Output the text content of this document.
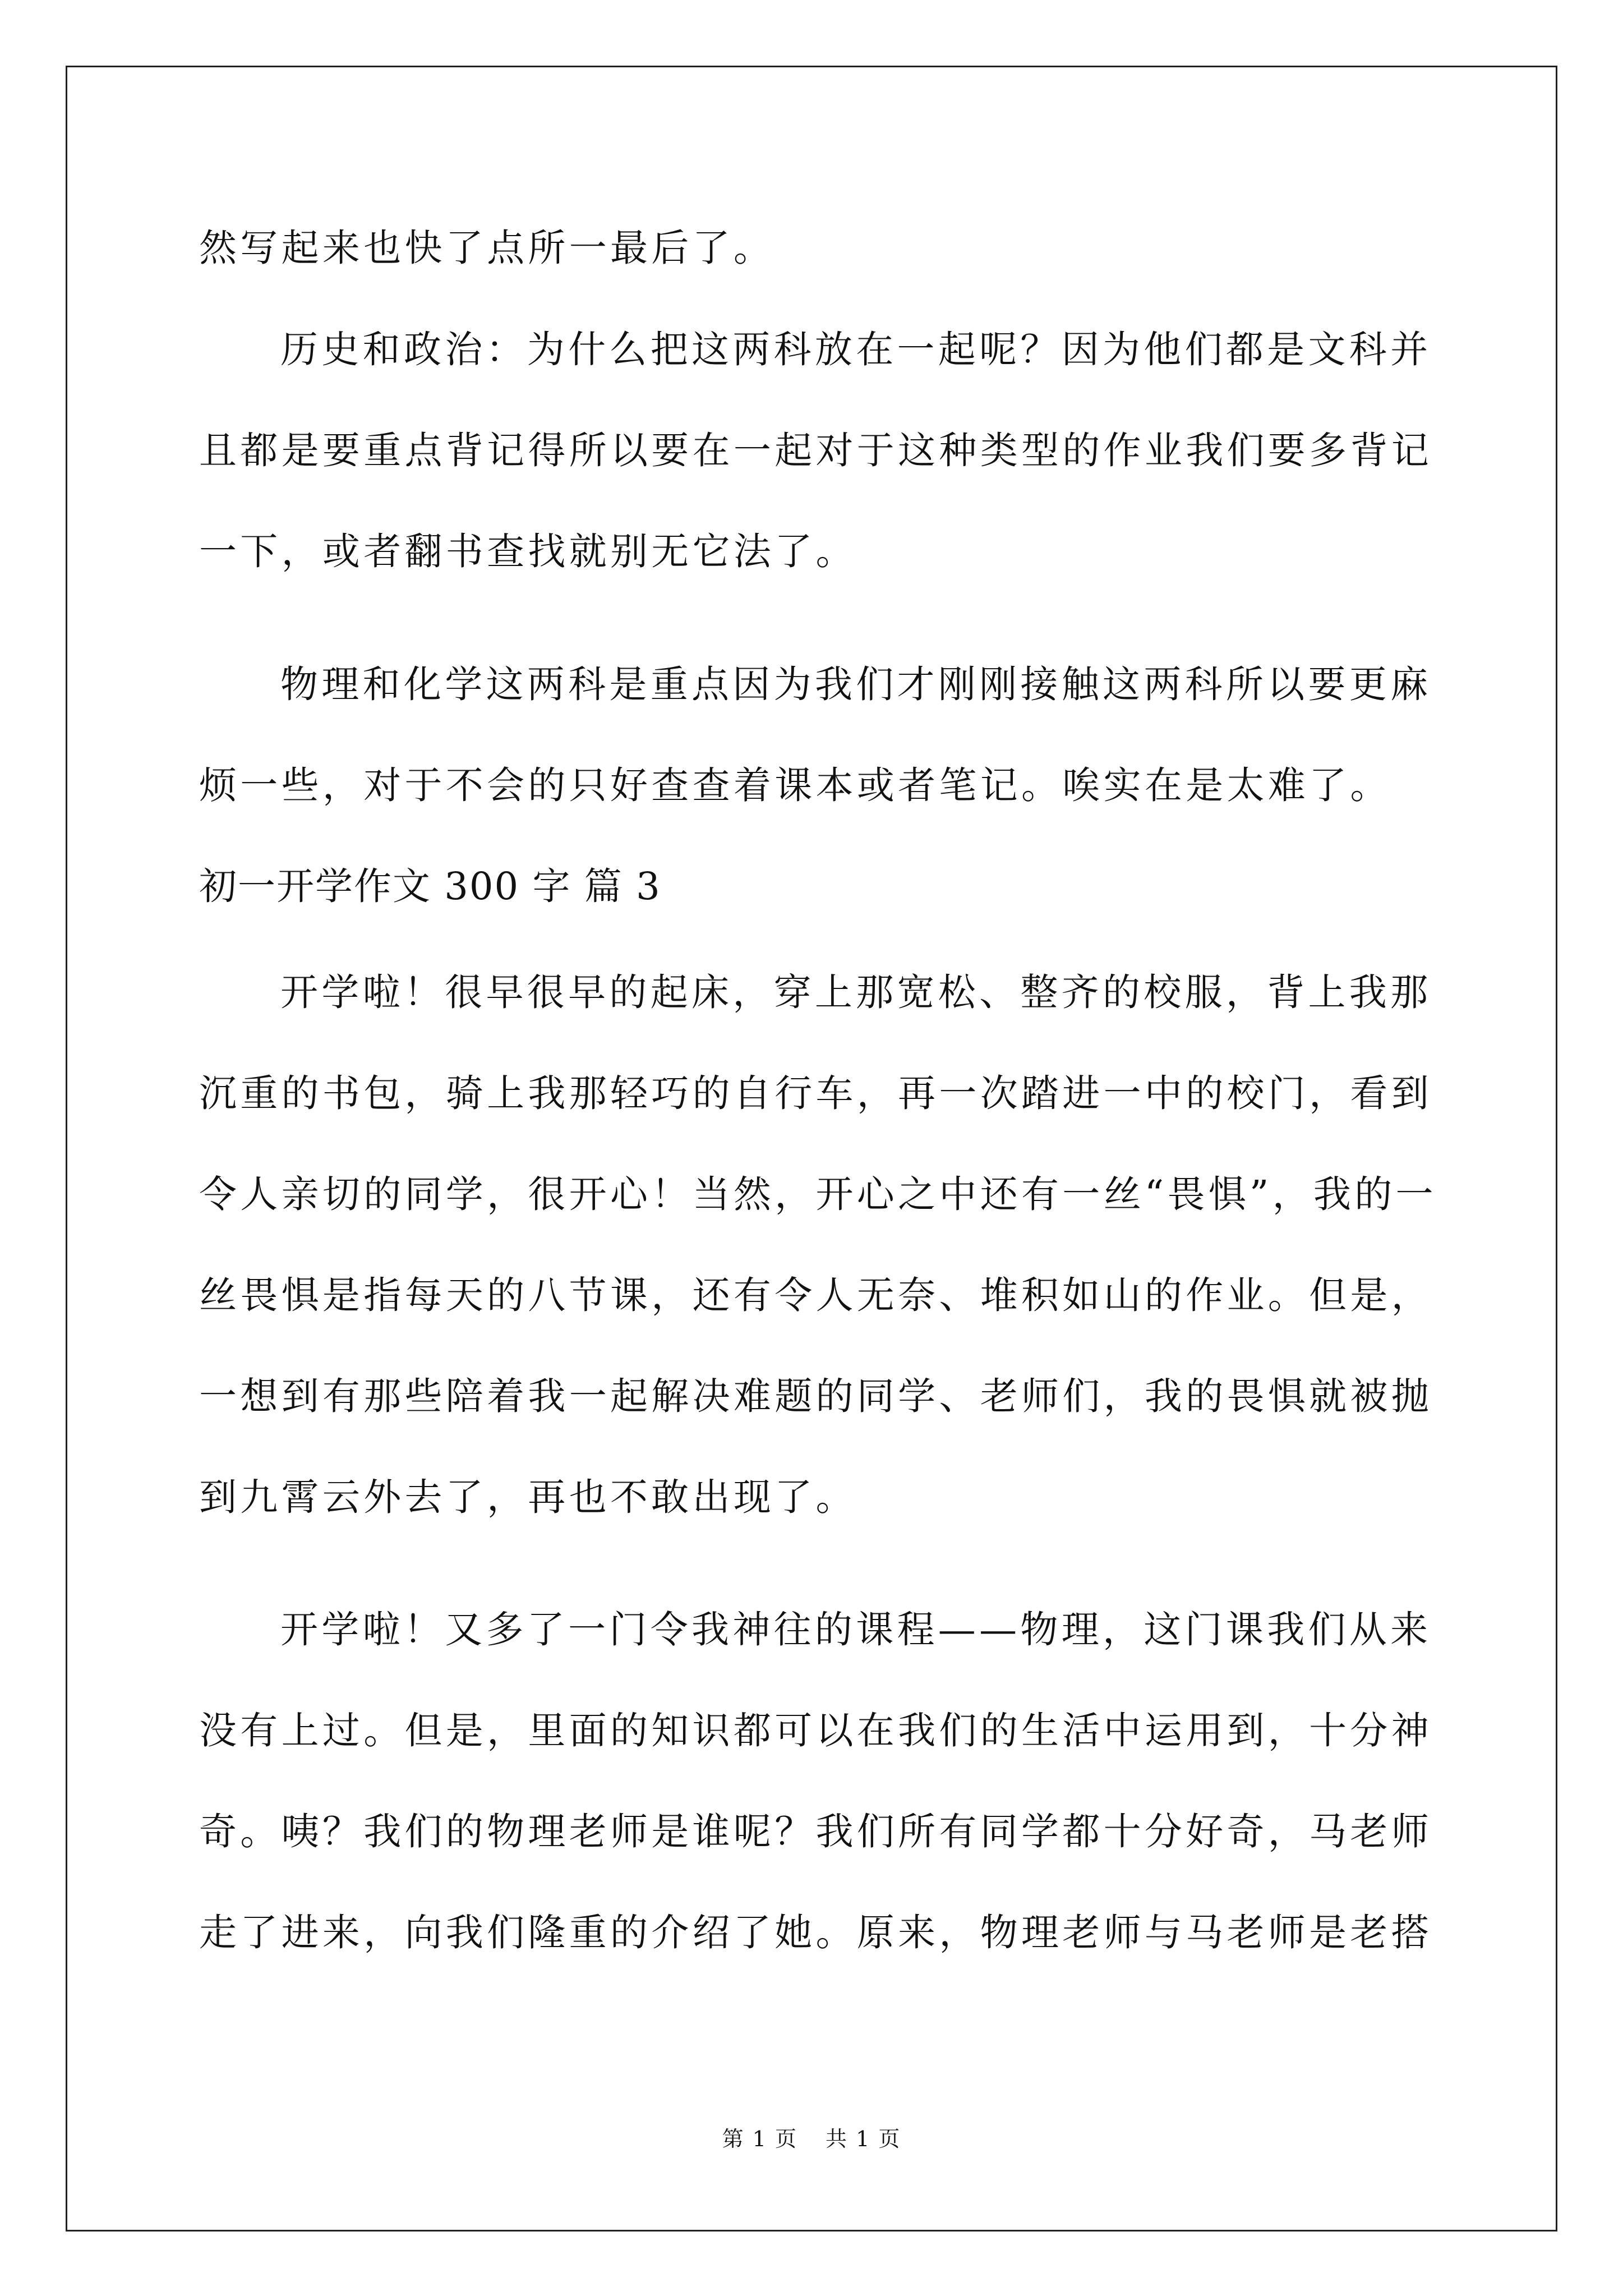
然写起来也快了点所一最后了。
历史和政治：为什么把这两科放在一起呢？因为他们都是文科并
且都是要重点背记得所以要在一起对于这种类型的作业我们要多背记
一下，或者翻书查找就别无它法了。
物理和化学这两科是重点因为我们才刚刚接触这两科所以要更麻
烦一些，对于不会的只好查查着课本或者笔记。唉实在是太难了。
初一开学作文 300 字 篇 3
开学啦！很早很早的起床，穿上那宽松、整齐的校服，背上我那
沉重的书包，骑上我那轻巧的自行车，再一次踏进一中的校门，看到
令人亲切的同学，很开心！当然，开心之中还有一丝“畏惧”，我的一
丝畏惧是指每天的八节课，还有令人无奈、堆积如山的作业。但是，
一想到有那些陪着我一起解决难题的同学、老师们，我的畏惧就被抛
到九霄云外去了，再也不敢出现了。
开学啦！又多了一门令我神往的课程——物理，这门课我们从来
没有上过。但是，里面的知识都可以在我们的生活中运用到，十分神
奇。咦？我们的物理老师是谁呢？我们所有同学都十分好奇，马老师
走了进来，向我们隆重的介绍了她。原来，物理老师与马老师是老搭
第 1 页 共 1 页
